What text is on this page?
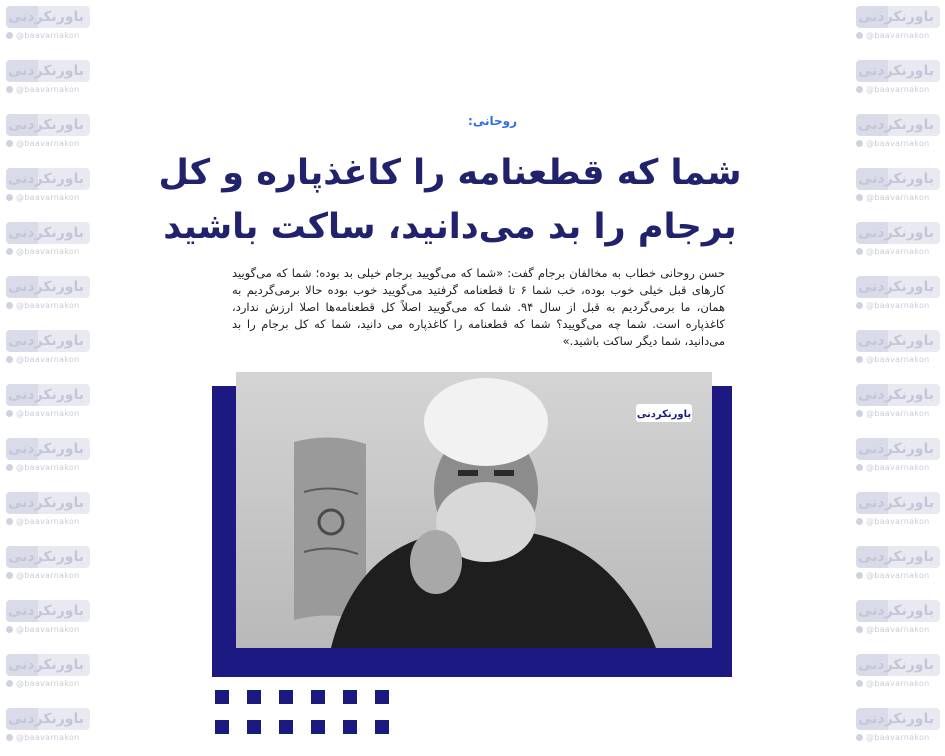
باورنکردنی
@baavarnakon
باورنکردنی
@baavarnakon
باورنکردنی
@baavarnakon
باورنکردنی
@baavarnakon
باورنکردنی
@baavarnakon
باورنکردنی
@baavarnakon
باورنکردنی
@baavarnakon
باورنکردنی
@baavarnakon
باورنکردنی
@baavarnakon
باورنکردنی
@baavarnakon
باورنکردنی
@baavarnakon
باورنکردنی
@baavarnakon
باورنکردنی
@baavarnakon
باورنکردنی
@baavarnakon
باورنکردنی
@baavarnakon
باورنکردنی
@baavarnakon
باورنکردنی
@baavarnakon
باورنکردنی
@baavarnakon
باورنکردنی
@baavarnakon
باورنکردنی
@baavarnakon
باورنکردنی
@baavarnakon
باورنکردنی
@baavarnakon
باورنکردنی
@baavarnakon
باورنکردنی
@baavarnakon
باورنکردنی
@baavarnakon
باورنکردنی
@baavarnakon
باورنکردنی
@baavarnakon
باورنکردنی
@baavarnakon
روحانی:
شما که قطعنامه را کاغذپاره و کل
برجام را بد می‌دانید، ساکت باشید
حسن روحانی خطاب به مخالفان برجام گفت: «شما که می‌گویید برجام خیلی بد بوده؛ شما که می‌گویید کارهای قبل خیلی خوب بوده، خب شما ۶ تا قطعنامه گرفتید می‌گویید خوب بوده حالا برمی‌گردیم به همان، ما برمی‌گردیم به قبل از سال ۹۴. شما که می‌گویید اصلاً کل قطعنامه‌ها اصلا ارزش ندارد، کاغذپاره است. شما چه می‌گویید؟ شما که قطعنامه را کاغذپاره می دانید، شما که کل برجام را بد می‌دانید، شما دیگر ساکت باشید.»
باورنکردنی
